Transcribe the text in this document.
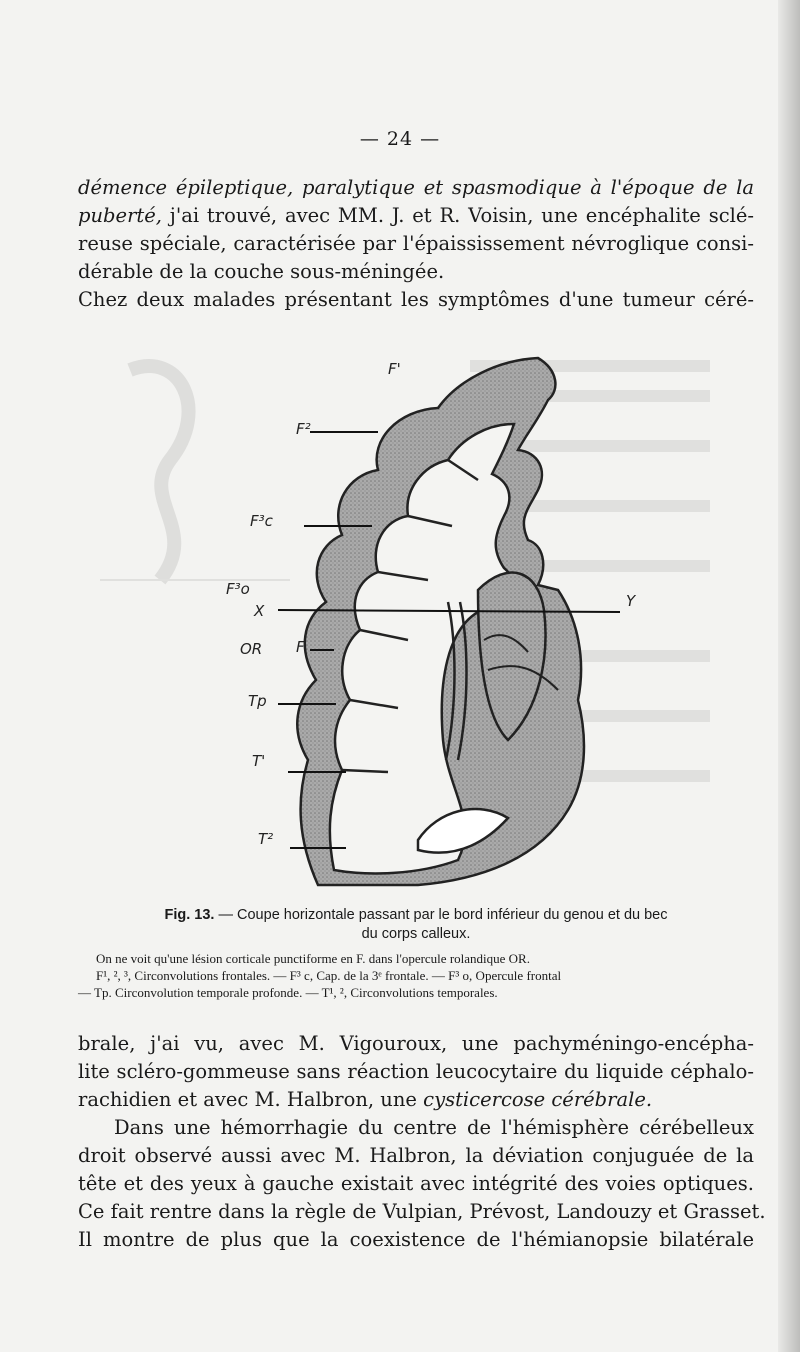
— 24 —

démence épileptique, paralytique et spasmodique à l'époque de la
puberté, j'ai trouvé, avec MM. J. et R. Voisin, une encéphalite sclé-
reuse spéciale, caractérisée par l'épaississement névroglique consi-
dérable de la couche sous-méningée.
Chez deux malades présentant les symptômes d'une tumeur céré-

F'
F²
F³c
F³o
X
Y
OR F
Tp
T'
T²
Fig. 13. — Coupe horizontale passant par le bord inférieur du genou et du bec
du corps calleux.
On ne voit qu'une lésion corticale punctiforme en F. dans l'opercule rolandique OR.
F¹, ², ³, Circonvolutions frontales. — F³ c, Cap. de la 3ᵉ frontale. — F³ o, Opercule frontal
— Tp. Circonvolution temporale profonde. — T¹, ², Circonvolutions temporales.

brale, j'ai vu, avec M. Vigouroux, une pachyméningo-encépha-
lite scléro-gommeuse sans réaction leucocytaire du liquide céphalo-
rachidien et avec M. Halbron, une cysticercose cérébrale.
Dans une hémorrhagie du centre de l'hémisphère cérébelleux
droit observé aussi avec M. Halbron, la déviation conjuguée de la
tête et des yeux à gauche existait avec intégrité des voies optiques.
Ce fait rentre dans la règle de Vulpian, Prévost, Landouzy et Grasset.
Il montre de plus que la coexistence de l'hémianopsie bilatérale
